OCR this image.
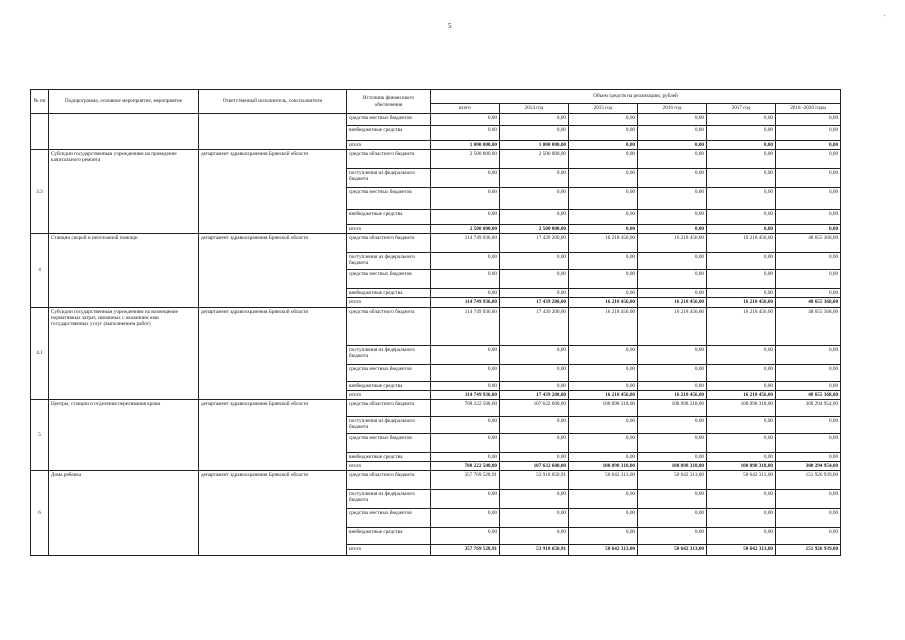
5
'
№ пп	Подпрограмма, основное мероприятие, мероприятие	Ответственный исполнитель, соисполнители	Источник финансового обеспечения	Объем средств на реализацию, рублей					
				всего	2014 год	2015 год	2016 год	2017 год	2018 -2020 годы
			средства местных бюджетов	0,00	0,00	0,00	0,00	0,00	0,00
			внебюджетные средства	0,00	0,00	0,00	0,00	0,00	0,00
			итого	1 000 000,00	1 000 000,00	0,00	0,00	0,00	0,00
3.3	Субсидии государственным учреждениям на проведение капитального ремонта	департамент здравоохранения Брянской области	средства областного бюджета	2 500 000,00	2 500 000,00	0,00	0,00	0,00	0,00
			поступления из федерального бюджета	0,00	0,00	0,00	0,00	0,00	0,00
			средства местных бюджетов	0,00	0,00	0,00	0,00	0,00	0,00
			внебюджетные средства	0,00	0,00	0,00	0,00	0,00	0,00
			итого	2 500 000,00	2 500 000,00	0,00	0,00	0,00	0,00
4	Станции скорой и неотложной помощи	департамент здравоохранения Брянской области	средства областного бюджета	114 749 936,00	17 439 200,00	16 218 456,00	16 218 456,00	16 218 456,00	48 655 368,00
			поступления из федерального бюджета	0,00	0,00	0,00	0,00	0,00	0,00
			средства местных бюджетов	0,00	0,00	0,00	0,00	0,00	0,00
			внебюджетные средства	0,00	0,00	0,00	0,00	0,00	0,00
			итого	114 749 936,00	17 439 200,00	16 218 456,00	16 218 456,00	16 218 456,00	48 655 368,00
4.1	Субсидии государственным учреждениям на возмещение нормативных затрат, связанных с оказанием ими государственных услуг (выполнением работ)	департамент здравоохранения Брянской области	средства областного бюджета	114 749 936,00	17 439 200,00	16 218 456,00	16 218 456,00	16 218 456,00	48 655 368,00
			поступления из федерального бюджета	0,00	0,00	0,00	0,00	0,00	0,00
			средства местных бюджетов	0,00	0,00	0,00	0,00	0,00	0,00
			внебюджетные средства	0,00	0,00	0,00	0,00	0,00	0,00
			итого	114 749 936,00	17 439 200,00	16 218 456,00	16 218 456,00	16 218 456,00	48 655 368,00
5	Центры, станции и отделения переливания крови	департамент здравоохранения Брянской области	средства областного бюджета	708 222 508,00	107 632 600,00	100 098 318,00	100 098 318,00	100 098 318,00	300 294 954,00
			поступления из федерального бюджета	0,00	0,00	0,00	0,00	0,00	0,00
			средства местных бюджетов	0,00	0,00	0,00	0,00	0,00	0,00
			внебюджетные средства	0,00	0,00	0,00	0,00	0,00	0,00
			итого	708 222 508,00	107 632 600,00	100 098 318,00	100 098 318,00	100 098 318,00	300 294 954,00
6	Дома ребенка	департамент здравоохранения Брянской области	средства областного бюджета	357 769 528,91	53 918 650,91	50 642 313,00	50 642 313,00	50 642 313,00	151 926 939,00
			поступления из федерального бюджета	0,00	0,00	0,00	0,00	0,00	0,00
			средства местных бюджетов	0,00	0,00	0,00	0,00	0,00	0,00
			внебюджетные средства	0,00	0,00	0,00	0,00	0,00	0,00
			итого	357 769 528,91	53 918 650,91	50 642 313,00	50 642 313,00	50 642 313,00	151 926 939,00
